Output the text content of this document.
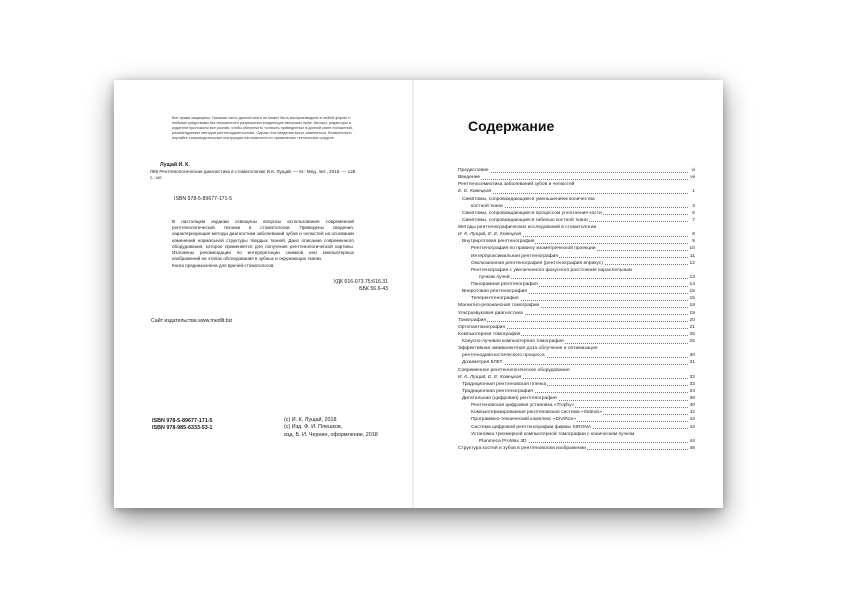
Все права защищены. Никакая часть данной книги не может быть воспроизведена в любой форме и любыми средствами без письменного разрешения владельцев авторских прав. Авторы, редакторы и издатели приложили все усилия, чтобы обеспечить точность приведенных в данной книге положений, рекомендуемых методов рентгенодиагностики. Однако эти сведения могут изменяться. Внимательно изучайте сопроводительные инструкции изготовителя по применению технических средств.
Лущай И. К.
Л86 Рентгенологическая диагностика в стоматологии/ И.К. Лущай. — М.: Мед. лит., 2018. — 128 с.: ил.
ISBN 978-5-89677-171-5
В настоящем издании освещены вопросы использования современной рентгенологической техники в стоматологии. Приведены сведения, характеризующие методы диагностики заболеваний зубов и челюстей на основании изменений нормальной структуры твердых тканей. Дано описание современного оборудования, которое применяется для получения рентгенологической картины. Изложены рекомендации по интерпретации снимков или компьютерных изображений на этапах обследования в зубных и окружающих тканях.
Книга предназначена для врачей-стоматологов.
УДК 616-073.75:616.31
ББК 56.6-43
Сайт издательства www.medlit.biz
ISBN 978-5-89677-171-5
ISBN 978-985-6333-53-1
(с) И. К. Лущай, 2018
(с) Изд. Ф. И. Плешков,
изд. Б. И. Чернин, оформление, 2018
Содержание
Предисловие	vi
Введение	vii
Рентгеносемиотика заболеваний зубов и челюстей
Е. Е. Ковецкая	1
Симптомы, сопровождающиеся уменьшением количества
костной ткани	3
Симптомы, сопровождающиеся процессом уплотнения кости	6
Симптомы, сопровождающиеся гибелью костной ткани	7
Методы рентгенографических исследований в стоматологии
И. К. Лущай, Е. Е. Ковецкая	8
Внутриротовая рентгенография	9
Рентгенография по правилу изометрической проекции	10
Интерпроксимальная рентгенография	11
Окклюзионная рентгенография (рентгенография вприкус)	12
Рентгенография с увеличенного фокусного расстояния параллельным
пучком лучей	13
Панорамная рентгенография	14
Внеротовая рентгенография	15
Телерентгенография	15
Магнитно-резонансная томография	18
Ультразвуковая диагностика	19
Томография	20
Ортопантомография	21
Компьютерная томография	25
Конусно-лучевая компьютерная томография	26
Эффективная эквивалентная доза облучения и оптимизация
рентгенодиагностического процесса	30
Дозиметрия КЛКТ	31
Современное рентгенологическое оборудование
И. К. Лущай, Е. Е. Ковецкая	32
Традиционная рентгеновская пленка	33
Традиционная рентгенография	34
Дигитальная (цифровая) рентгенография	38
Рентгеновская цифровая установка «Trophy»	40
Компьютеризированная рентгеновская система «Sidexis»	42
Программно-технический комплекс «DiViRon»	43
Система цифровой рентгенографии фирмы SIRONA	43
Установка трехмерной компьютерной томографии с коническим пучком
Planmeca ProMax 3D	44
Структура костей и зубов в рентгеновском изображении	46
